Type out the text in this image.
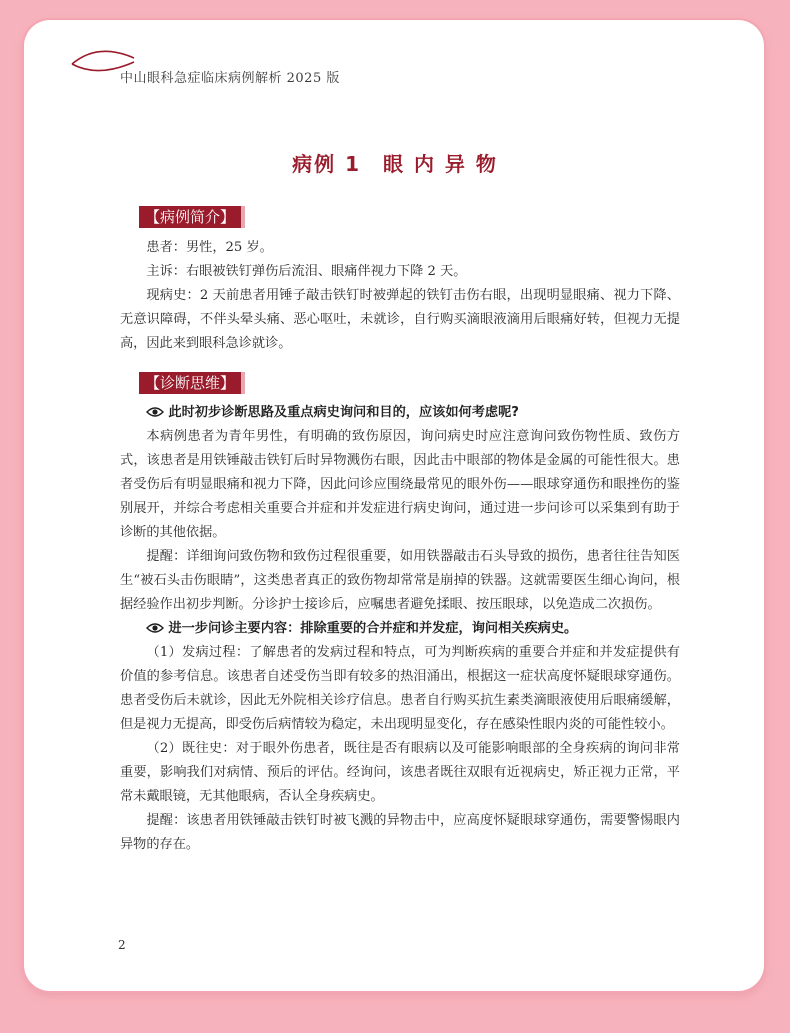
中山眼科急症临床病例解析 2025 版
病例 1　眼 内 异 物
【病例简介】

患者：男性，25 岁。

主诉：右眼被铁钉弹伤后流泪、眼痛伴视力下降 2 天。

现病史：2 天前患者用锤子敲击铁钉时被弹起的铁钉击伤右眼，出现明显眼痛、视力下降、无意识障碍，不伴头晕头痛、恶心呕吐，未就诊，自行购买滴眼液滴用后眼痛好转，但视力无提高，因此来到眼科急诊就诊。

【诊断思维】

此时初步诊断思路及重点病史询问和目的，应该如何考虑呢?

本病例患者为青年男性，有明确的致伤原因，询问病史时应注意询问致伤物性质、致伤方式，该患者是用铁锤敲击铁钉后时异物溅伤右眼，因此击中眼部的物体是金属的可能性很大。患者受伤后有明显眼痛和视力下降，因此问诊应围绕最常见的眼外伤——眼球穿通伤和眼挫伤的鉴别展开，并综合考虑相关重要合并症和并发症进行病史询问，通过进一步问诊可以采集到有助于诊断的其他依据。

提醒：详细询问致伤物和致伤过程很重要，如用铁器敲击石头导致的损伤，患者往往告知医生“被石头击伤眼睛”，这类患者真正的致伤物却常常是崩掉的铁器。这就需要医生细心询问，根据经验作出初步判断。分诊护士接诊后，应嘱患者避免揉眼、按压眼球，以免造成二次损伤。

进一步问诊主要内容：排除重要的合并症和并发症，询问相关疾病史。

（1）发病过程：了解患者的发病过程和特点，可为判断疾病的重要合并症和并发症提供有价值的参考信息。该患者自述受伤当即有较多的热泪涌出，根据这一症状高度怀疑眼球穿通伤。患者受伤后未就诊，因此无外院相关诊疗信息。患者自行购买抗生素类滴眼液使用后眼痛缓解，但是视力无提高，即受伤后病情较为稳定，未出现明显变化，存在感染性眼内炎的可能性较小。

（2）既往史：对于眼外伤患者，既往是否有眼病以及可能影响眼部的全身疾病的询问非常重要，影响我们对病情、预后的评估。经询问，该患者既往双眼有近视病史，矫正视力正常，平常未戴眼镜，无其他眼病，否认全身疾病史。

提醒：该患者用铁锤敲击铁钉时被飞溅的异物击中，应高度怀疑眼球穿通伤，需要警惕眼内异物的存在。

2
